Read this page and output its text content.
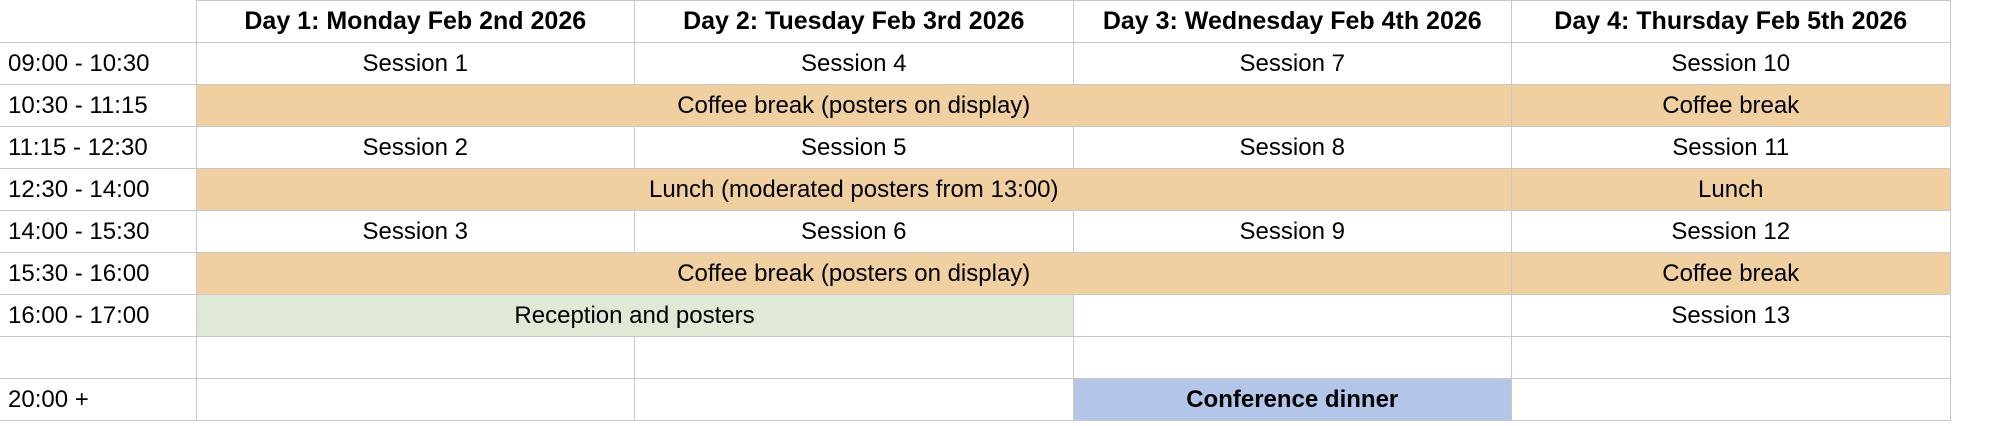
	Day 1: Monday Feb 2nd 2026	Day 2: Tuesday Feb 3rd 2026	Day 3: Wednesday Feb 4th 2026	Day 4: Thursday Feb 5th 2026
09:00 - 10:30	Session 1	Session 4	Session 7	Session 10
10:30 - 11:15	Coffee break (posters on display)			Coffee break
11:15 - 12:30	Session 2	Session 5	Session 8	Session 11
12:30 - 14:00	Lunch (moderated posters from 13:00)			Lunch
14:00 - 15:30	Session 3	Session 6	Session 9	Session 12
15:30 - 16:00	Coffee break (posters on display)			Coffee break
16:00 - 17:00	Reception and posters			Session 13

20:00 +			Conference dinner	
